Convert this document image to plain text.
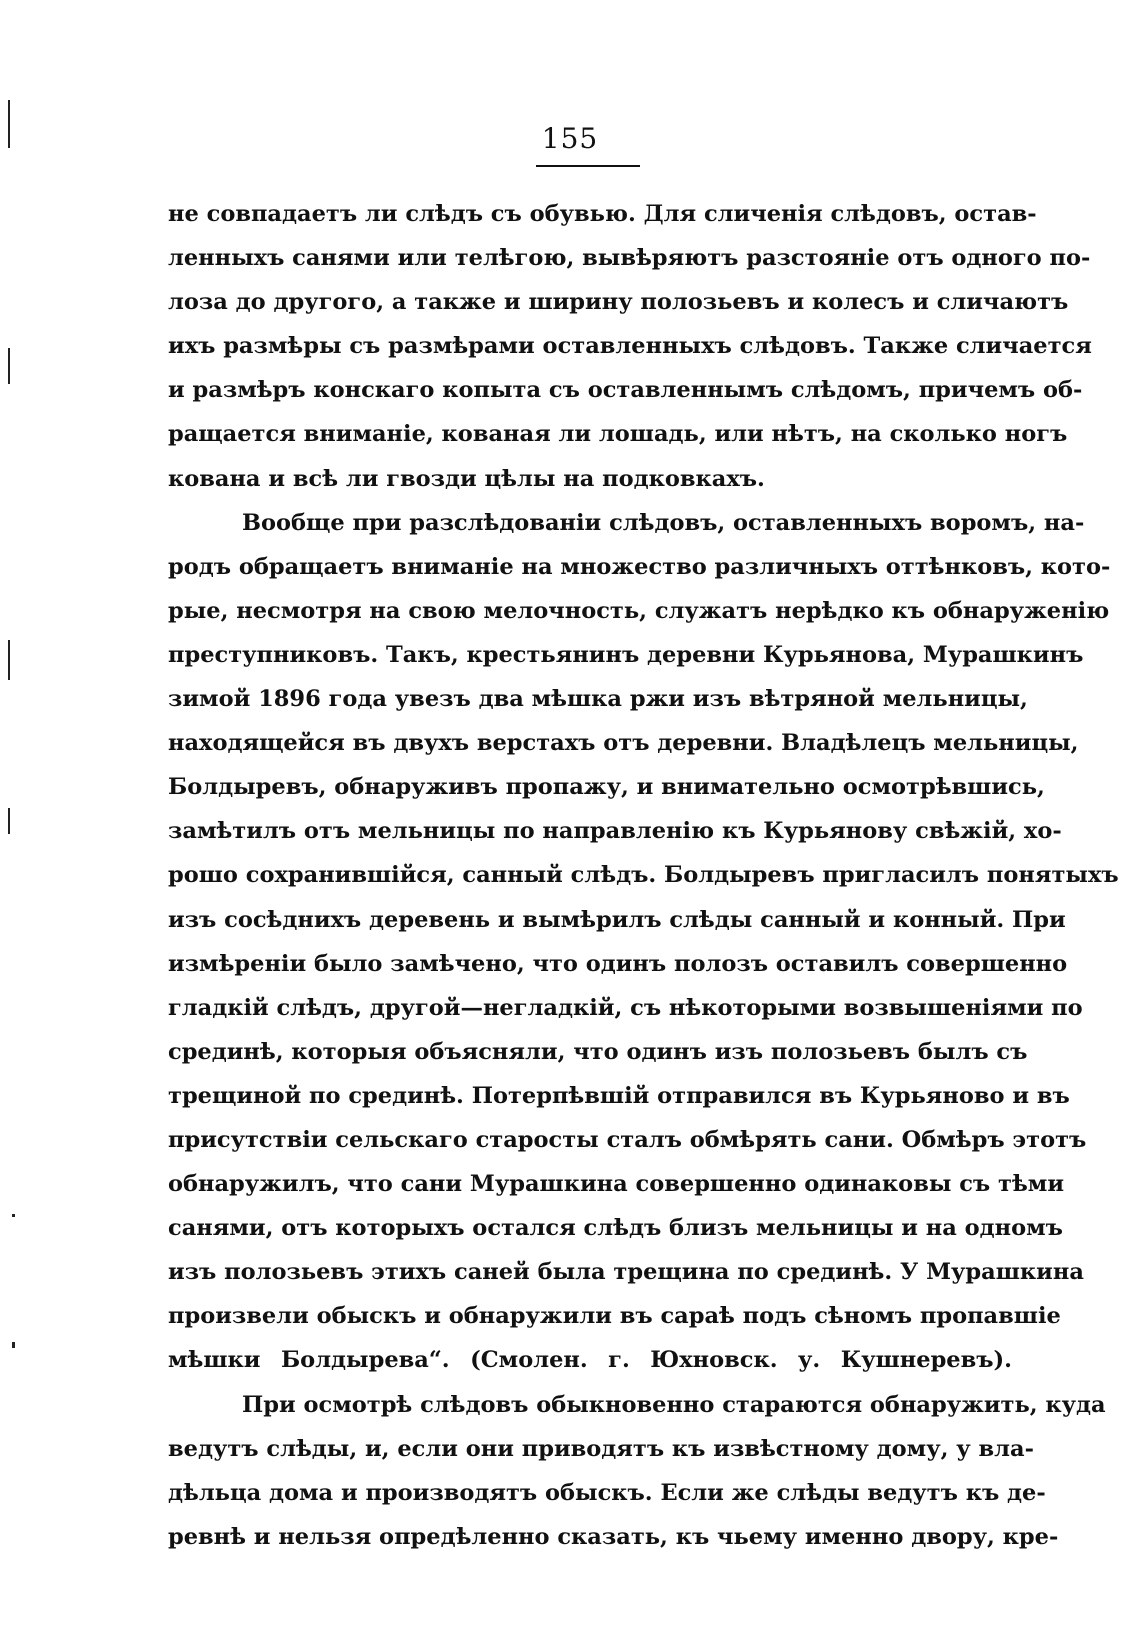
155
не совпадаетъ ли слѣдъ съ обувью. Для сличенія слѣдовъ, остав-
ленныхъ санями или телѣгою, вывѣряютъ разстояніе отъ одного по-
лоза до другого, а также и ширину полозьевъ и колесъ и сличаютъ
ихъ размѣры съ размѣрами оставленныхъ слѣдовъ. Также сличается
и размѣръ конскаго копыта съ оставленнымъ слѣдомъ, причемъ об-
ращается вниманіе, кованая ли лошадь, или нѣтъ, на сколько ногъ
кована и всѣ ли гвозди цѣлы на подковкахъ.
Вообще при разслѣдованіи слѣдовъ, оставленныхъ воромъ, на-
родъ обращаетъ вниманіе на множество различныхъ оттѣнковъ, кото-
рые, несмотря на свою мелочность, служатъ нерѣдко къ обнаруженію
преступниковъ. Такъ, крестьянинъ деревни Курьянова, Мурашкинъ
зимой 1896 года увезъ два мѣшка ржи изъ вѣтряной мельницы,
находящейся въ двухъ верстахъ отъ деревни. Владѣлецъ мельницы,
Болдыревъ, обнаруживъ пропажу, и внимательно осмотрѣвшись,
замѣтилъ отъ мельницы по направленію къ Курьянову свѣжій, хо-
рошо сохранившійся, санный слѣдъ. Болдыревъ пригласилъ понятыхъ
изъ сосѣднихъ деревень и вымѣрилъ слѣды санный и конный. При
измѣреніи было замѣчено, что одинъ полозъ оставилъ совершенно
гладкій слѣдъ, другой—негладкій, съ нѣкоторыми возвышеніями по
срединѣ, которыя объясняли, что одинъ изъ полозьевъ былъ съ
трещиной по срединѣ. Потерпѣвшій отправился въ Курьяново и въ
присутствіи сельскаго старосты сталъ обмѣрять сани. Обмѣръ этотъ
обнаружилъ, что сани Мурашкина совершенно одинаковы съ тѣми
санями, отъ которыхъ остался слѣдъ близъ мельницы и на одномъ
изъ полозьевъ этихъ саней была трещина по срединѣ. У Мурашкина
произвели обыскъ и обнаружили въ сараѣ подъ сѣномъ пропавшіе
мѣшки Болдырева“. (Смолен. г. Юхновск. у. Кушнеревъ).
При осмотрѣ слѣдовъ обыкновенно стараются обнаружить, куда
ведутъ слѣды, и, если они приводятъ къ извѣстному дому, у вла-
дѣльца дома и производятъ обыскъ. Если же слѣды ведутъ къ де-
ревнѣ и нельзя опредѣленно сказать, къ чьему именно двору, кре-
